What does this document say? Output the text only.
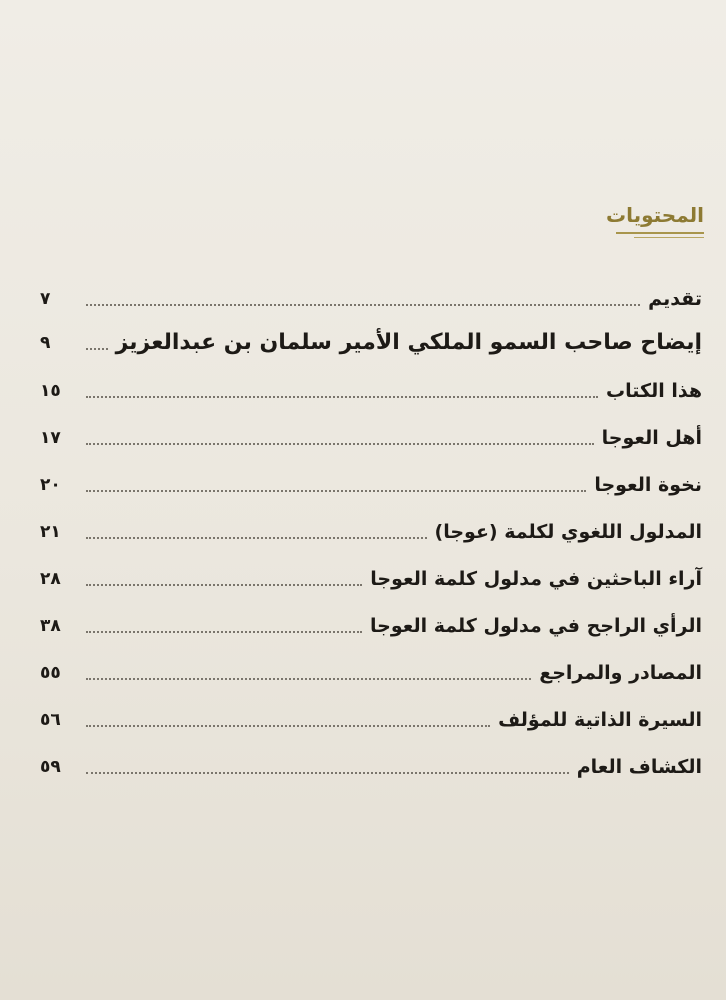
المحتويات
تقديم
٧
إيضاح صاحب السمو الملكي الأمير سلمان بن عبدالعزيز
٩
هذا الكتاب
١٥
أهل العوجا
١٧
نخوة العوجا
٢٠
المدلول اللغوي لكلمة (عوجا)
٢١
آراء الباحثين في مدلول كلمة العوجا
٢٨
الرأي الراجح في مدلول كلمة العوجا
٣٨
المصادر والمراجع
٥٥
السيرة الذاتية للمؤلف
٥٦
الكشاف العام
٥٩
